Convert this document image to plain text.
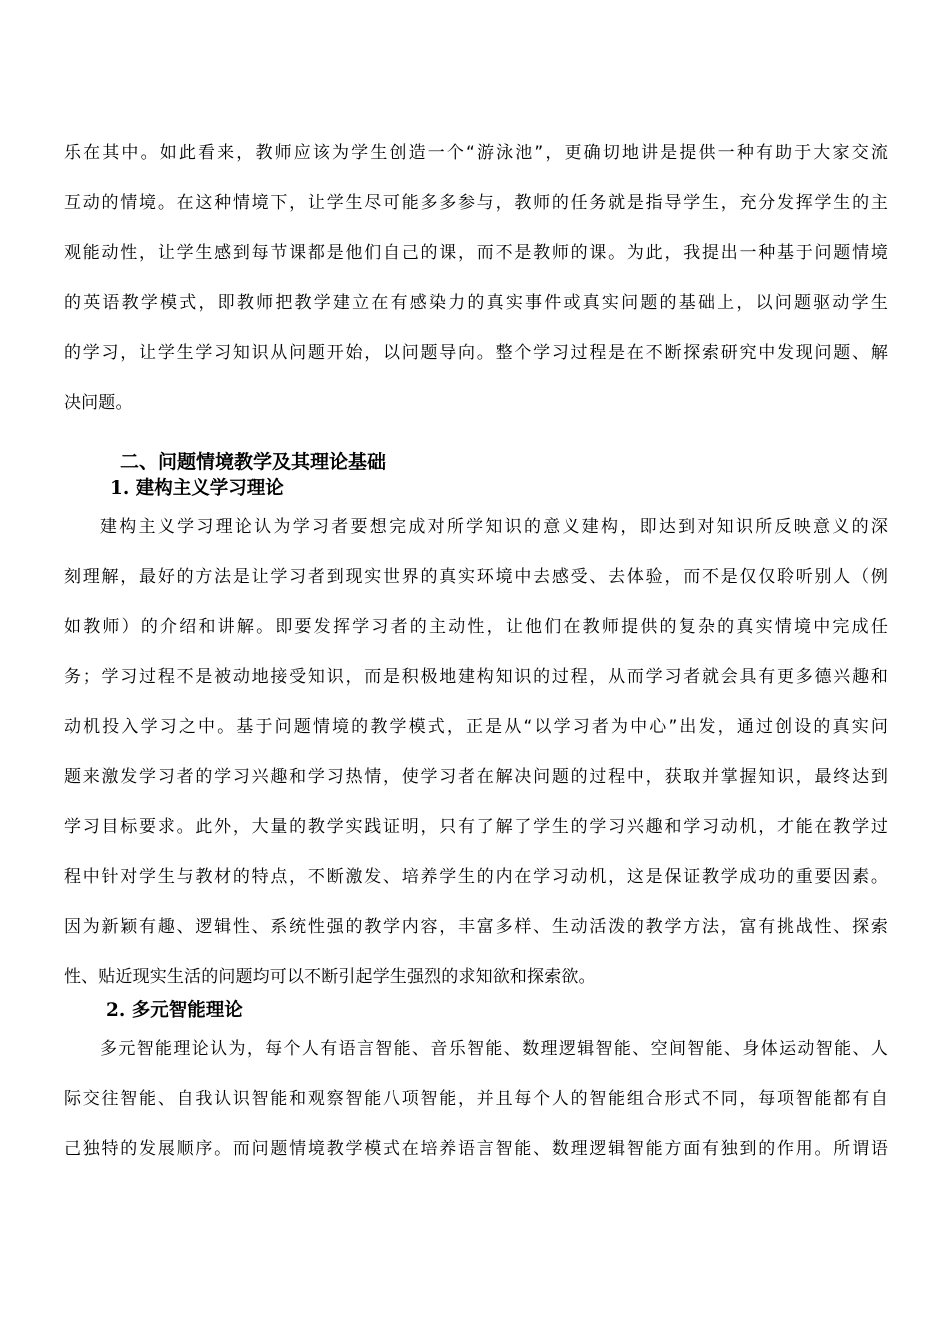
乐在其中。如此看来，教师应该为学生创造一个“游泳池”，更确切地讲是提供一种有助于大家交流
互动的情境。在这种情境下，让学生尽可能多多参与，教师的任务就是指导学生，充分发挥学生的主
观能动性，让学生感到每节课都是他们自己的课，而不是教师的课。为此，我提出一种基于问题情境
的英语教学模式，即教师把教学建立在有感染力的真实事件或真实问题的基础上，以问题驱动学生
的学习，让学生学习知识从问题开始，以问题导向。整个学习过程是在不断探索研究中发现问题、解
决问题。
二、问题情境教学及其理论基础
1. 建构主义学习理论
建构主义学习理论认为学习者要想完成对所学知识的意义建构，即达到对知识所反映意义的深
刻理解，最好的方法是让学习者到现实世界的真实环境中去感受、去体验，而不是仅仅聆听别人（例
如教师）的介绍和讲解。即要发挥学习者的主动性，让他们在教师提供的复杂的真实情境中完成任
务；学习过程不是被动地接受知识，而是积极地建构知识的过程，从而学习者就会具有更多德兴趣和
动机投入学习之中。基于问题情境的教学模式，正是从“以学习者为中心”出发，通过创设的真实问
题来激发学习者的学习兴趣和学习热情，使学习者在解决问题的过程中，获取并掌握知识，最终达到
学习目标要求。此外，大量的教学实践证明，只有了解了学生的学习兴趣和学习动机，才能在教学过
程中针对学生与教材的特点，不断激发、培养学生的内在学习动机，这是保证教学成功的重要因素。
因为新颖有趣、逻辑性、系统性强的教学内容，丰富多样、生动活泼的教学方法，富有挑战性、探索
性、贴近现实生活的问题均可以不断引起学生强烈的求知欲和探索欲。
2. 多元智能理论
多元智能理论认为，每个人有语言智能、音乐智能、数理逻辑智能、空间智能、身体运动智能、人
际交往智能、自我认识智能和观察智能八项智能，并且每个人的智能组合形式不同，每项智能都有自
己独特的发展顺序。而问题情境教学模式在培养语言智能、数理逻辑智能方面有独到的作用。所谓语
